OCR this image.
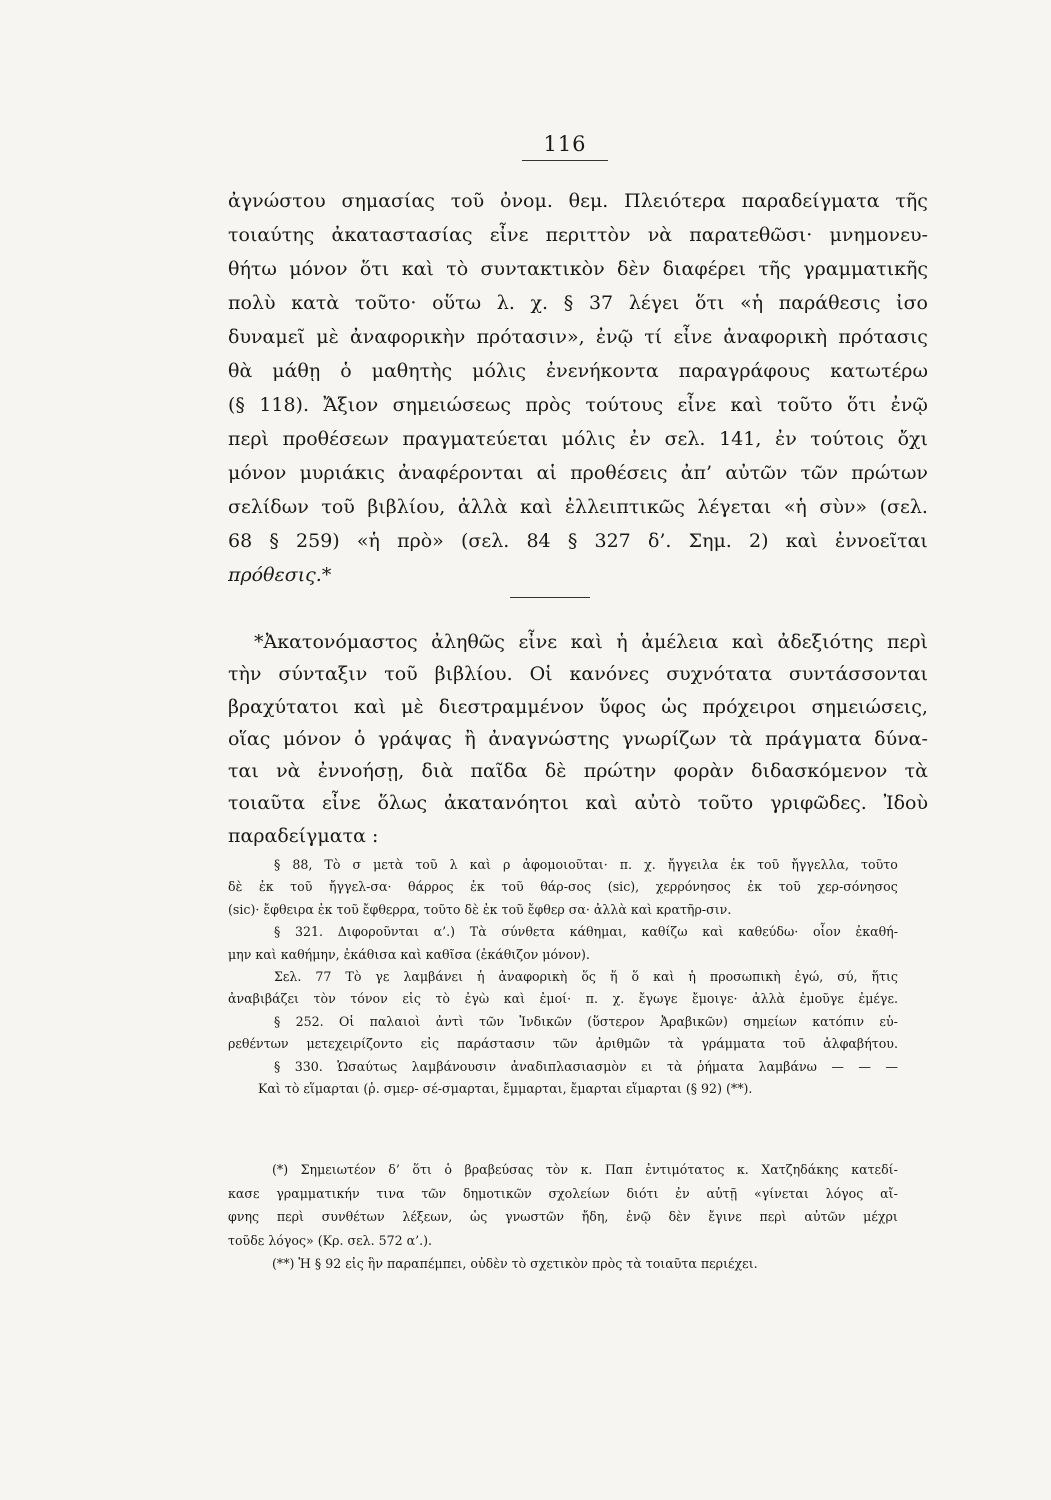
116
ἀγνώστου σημασίας τοῦ ὀνομ. θεμ. Πλειότερα παραδείγματα τῆς
τοιαύτης ἀκαταστασίας εἶνε περιττὸν νὰ παρατεθῶσι· μνημονευ-
θήτω μόνον ὅτι καὶ τὸ συντακτικὸν δὲν διαφέρει τῆς γραμματικῆς
πολὺ κατὰ τοῦτο· οὕτω λ. χ. § 37 λέγει ὅτι «ἡ παράθεσις ἰσο
δυναμεῖ μὲ ἀναφορικὴν πρότασιν», ἐνῷ τί εἶνε ἀναφορικὴ πρότασις
θὰ μάθῃ ὁ μαθητὴς μόλις ἐνενήκοντα παραγράφους κατωτέρω
(§ 118). Ἄξιον σημειώσεως πρὸς τούτους εἶνε καὶ τοῦτο ὅτι ἐνῷ
περὶ προθέσεων πραγματεύεται μόλις ἐν σελ. 141, ἐν τούτοις ὄχι
μόνον μυριάκις ἀναφέρονται αἱ προθέσεις ἀπ’ αὐτῶν τῶν πρώτων
σελίδων τοῦ βιβλίου, ἀλλὰ καὶ ἐλλειπτικῶς λέγεται «ἡ σὺν» (σελ.
68 § 259) «ἡ πρὸ» (σελ. 84 § 327 δ’. Σημ. 2) καὶ ἐννοεῖται
πρόθεσις.*
*Ἀκατονόμαστος ἀληθῶς εἶνε καὶ ἡ ἀμέλεια καὶ ἀδεξιότης περὶ
τὴν σύνταξιν τοῦ βιβλίου. Οἱ κανόνες συχνότατα συντάσσονται
βραχύτατοι καὶ μὲ διεστραμμένον ὕφος ὡς πρόχειροι σημειώσεις,
οἵας μόνον ὁ γράψας ἢ ἀναγνώστης γνωρίζων τὰ πράγματα δύνα-
ται νὰ ἐννοήσῃ, διὰ παῖδα δὲ πρώτην φορὰν διδασκόμενον τὰ
τοιαῦτα εἶνε ὅλως ἀκατανόητοι καὶ αὐτὸ τοῦτο γριφῶδες. Ἰδοὺ
παραδείγματα :
§ 88, Τὸ σ μετὰ τοῦ λ καὶ ρ ἀφομοιοῦται· π. χ. ἤγγειλα ἐκ τοῦ ἤγγελλα, τοῦτο
δὲ ἐκ τοῦ ἤγγελ-σα· θάρρος ἐκ τοῦ θάρ-σος (sic), χερρόνησος ἐκ τοῦ χερ-σόνησος
(sic)· ἔφθειρα ἐκ τοῦ ἔφθερρα, τοῦτο δὲ ἐκ τοῦ ἔφθερ σα· ἀλλὰ καὶ κρατῆρ-σιν.
§ 321. Διφοροῦνται α’.) Τὰ σύνθετα κάθημαι, καθίζω καὶ καθεύδω· οἷον ἐκαθή-
μην καὶ καθήμην, ἐκάθισα καὶ καθῖσα (ἐκάθιζον μόνον).
Σελ. 77 Τὸ γε λαμβάνει ἡ ἀναφορικὴ ὅς ἥ ὅ καὶ ἡ προσωπικὴ ἐγώ, σύ, ἥτις
ἀναβιβάζει τὸν τόνον εἰς τὸ ἐγὼ καὶ ἐμοί· π. χ. ἔγωγε ἔμοιγε· ἀλλὰ ἐμοῦγε ἐμέγε.
§ 252. Οἱ παλαιοὶ ἀντὶ τῶν Ἰνδικῶν (ὕστερον Ἀραβικῶν) σημείων κατόπιν εὑ-
ρεθέντων μετεχειρίζοντο εἰς παράστασιν τῶν ἀριθμῶν τὰ γράμματα τοῦ ἀλφαβήτου.
§ 330. Ὡσαύτως λαμβάνουσιν ἀναδιπλασιασμὸν ει τὰ ῥήματα λαμβάνω — — —
Καὶ τὸ εἵμαρται (ῥ. σμερ- σέ-σμαρται, ἔμμαρται, ἔμαρται εἵμαρται (§ 92) (**).
(*) Σημειωτέον δ’ ὅτι ὁ βραβεύσας τὸν κ. Παπ ἐντιμότατος κ. Χατζηδάκης κατεδί-
κασε γραμματικήν τινα τῶν δημοτικῶν σχολείων διότι ἐν αὐτῇ «γίνεται λόγος αἴ-
φνης περὶ συνθέτων λέξεων, ὡς γνωστῶν ἤδη, ἐνῷ δὲν ἔγινε περὶ αὐτῶν μέχρι
τοῦδε λόγος» (Κρ. σελ. 572 α’.).
(**) Ἡ § 92 εἰς ἣν παραπέμπει, οὐδὲν τὸ σχετικὸν πρὸς τὰ τοιαῦτα περιέχει.
